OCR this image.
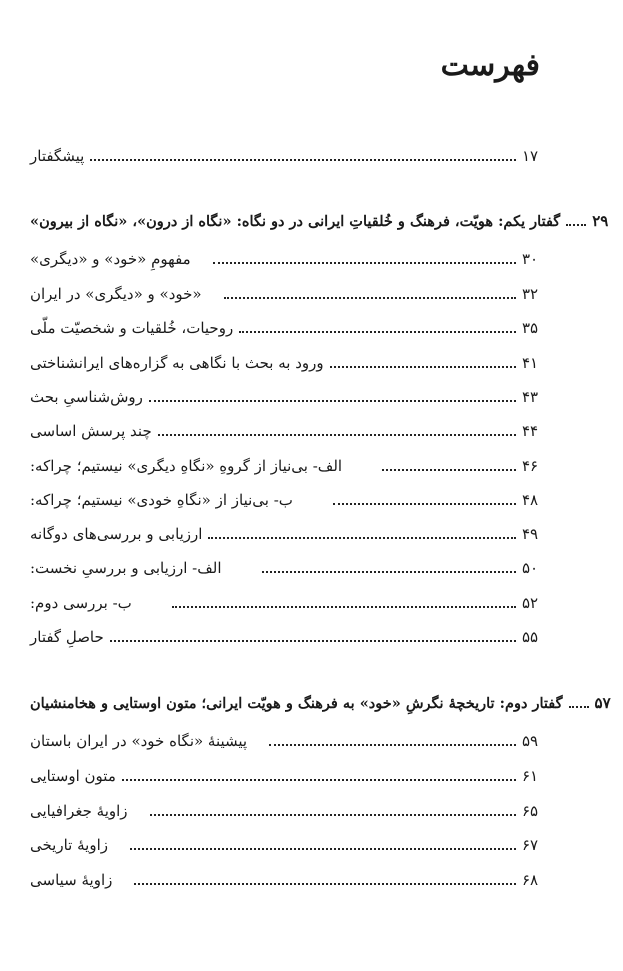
فهرست
پیشگفتار	۱۷
گفتار یکم: هویّت، فرهنگ و خُلقیاتِ ایرانی در دو نگاه: «نگاه از درون»، «نگاه از بیرون» ۲۹
مفهومِ «خود» و «دیگری»	۳۰
«خود» و «دیگری» در ایران	۳۲
روحیات، خُلقیات و شخصیّت ملّی	۳۵
ورود به بحث با نگاهی به گزاره‌های ایرانشناختی	۴۱
روش‌شناسیِ بحث	۴۳
چند پرسش اساسی	۴۴
الف- بی‌نیاز از گروهِ «نگاهِ دیگری» نیستیم؛ چراکه:	۴۶
ب- بی‌نیاز از «نگاهِ خودی» نیستیم؛ چراکه:	۴۸
ارزیابی و بررسی‌های دوگانه	۴۹
الف- ارزیابی و بررسیِ نخست:	۵۰
ب- بررسی دوم:	۵۲
حاصلِ گفتار	۵۵
گفتار دوم: تاریخچۀ نگرشِ «خود» به فرهنگ و هویّت ایرانی؛ متون اوستایی و هخامنشیان ۵۷
پیشینۀ «نگاه خود» در ایران باستان	۵۹
متون اوستایی	۶۱
زاویۀ جغرافیایی	۶۵
زاویۀ تاریخی	۶۷
زاویۀ سیاسی	۶۸
